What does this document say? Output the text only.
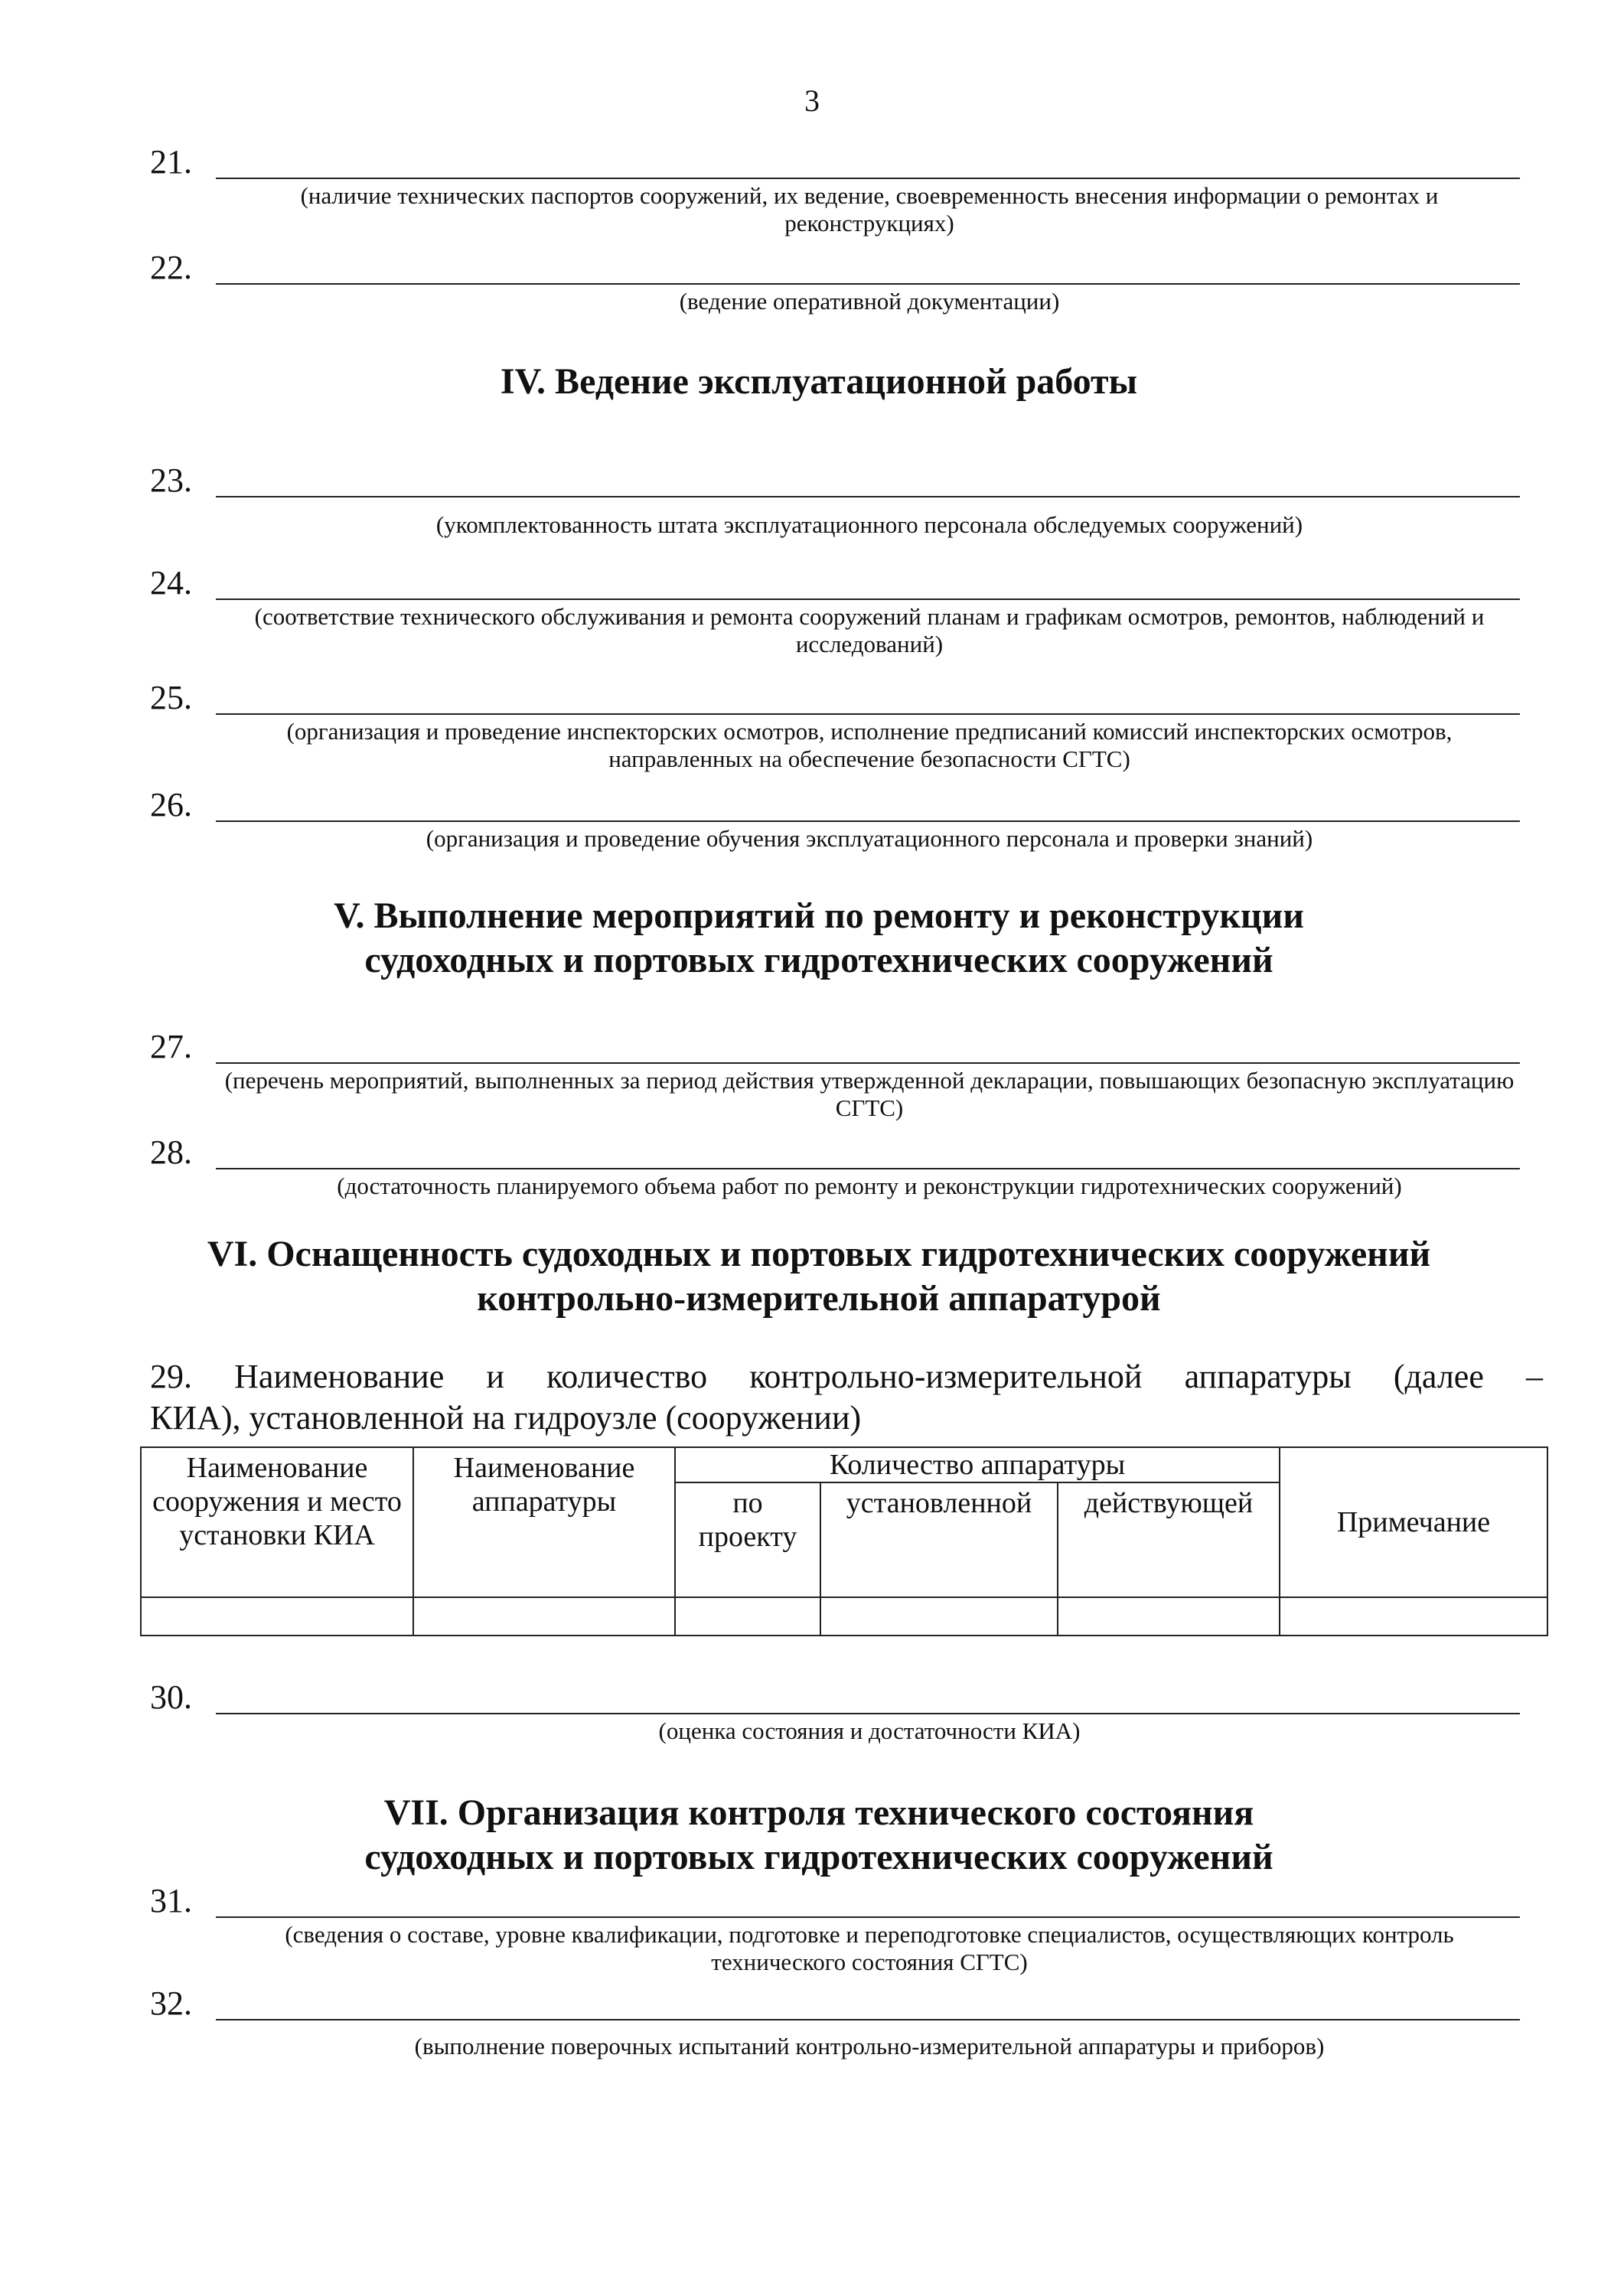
3
21.
(наличие технических паспортов сооружений, их ведение, своевременность внесения информации о ремонтах и реконструкциях)
22.
(ведение оперативной документации)
IV. Ведение эксплуатационной работы
23.
(укомплектованность штата эксплуатационного персонала обследуемых сооружений)
24.
(соответствие технического обслуживания и ремонта сооружений планам и графикам осмотров, ремонтов, наблюдений и исследований)
25.
(организация и проведение инспекторских осмотров, исполнение предписаний комиссий инспекторских осмотров, направленных на обеспечение безопасности СГТС)
26.
(организация и проведение обучения эксплуатационного персонала и проверки знаний)
V. Выполнение мероприятий по ремонту и реконструкции
судоходных и портовых гидротехнических сооружений
27.
(перечень мероприятий, выполненных за период действия утвержденной декларации, повышающих безопасную эксплуатацию СГТС)
28.
(достаточность планируемого объема работ по ремонту и реконструкции гидротехнических сооружений)
VI. Оснащенность судоходных и портовых гидротехнических сооружений
контрольно-измерительной аппаратурой
29. Наименование и количество контрольно-измерительной аппаратуры (далее –
КИА), установленной на гидроузле (сооружении)
Наименование сооружения и место установки КИА	Наименование аппаратуры	Количество аппаратуры			Примечание
		по проекту	установленной	действующей	

30.
(оценка состояния и достаточности КИА)
VII. Организация контроля технического состояния
судоходных и портовых гидротехнических сооружений
31.
(сведения о составе, уровне квалификации, подготовке и переподготовке специалистов, осуществляющих контроль технического состояния СГТС)
32.
(выполнение поверочных испытаний контрольно-измерительной аппаратуры и приборов)
